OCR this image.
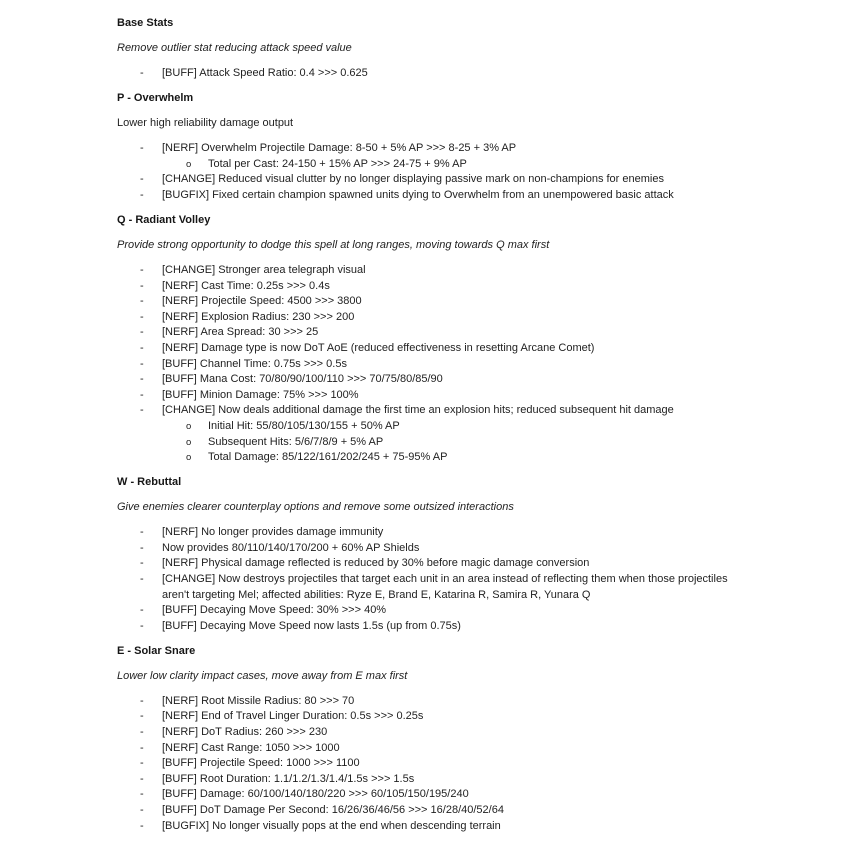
Base Stats

Remove outlier stat reducing attack speed value

- [BUFF] Attack Speed Ratio: 0.4 >>> 0.625
P - Overwhelm

Lower high reliability damage output

- [NERF] Overwhelm Projectile Damage: 8-50 + 5% AP >>> 8-25 + 3% AP
o Total per Cast: 24-150 + 15% AP >>> 24-75 + 9% AP
- [CHANGE] Reduced visual clutter by no longer displaying passive mark on non-champions for enemies
- [BUGFIX] Fixed certain champion spawned units dying to Overwhelm from an unempowered basic attack
Q - Radiant Volley

Provide strong opportunity to dodge this spell at long ranges, moving towards Q max first

- [CHANGE] Stronger area telegraph visual
- [NERF] Cast Time: 0.25s >>> 0.4s
- [NERF] Projectile Speed: 4500 >>> 3800
- [NERF] Explosion Radius: 230 >>> 200
- [NERF] Area Spread: 30 >>> 25
- [NERF] Damage type is now DoT AoE (reduced effectiveness in resetting Arcane Comet)
- [BUFF] Channel Time: 0.75s >>> 0.5s
- [BUFF] Mana Cost: 70/80/90/100/110 >>> 70/75/80/85/90
- [BUFF] Minion Damage: 75% >>> 100%
- [CHANGE] Now deals additional damage the first time an explosion hits; reduced subsequent hit damage
o Initial Hit: 55/80/105/130/155 + 50% AP
o Subsequent Hits: 5/6/7/8/9 + 5% AP
o Total Damage: 85/122/161/202/245 + 75-95% AP
W - Rebuttal

Give enemies clearer counterplay options and remove some outsized interactions

- [NERF] No longer provides damage immunity
- Now provides 80/110/140/170/200 + 60% AP Shields
- [NERF] Physical damage reflected is reduced by 30% before magic damage conversion
- [CHANGE] Now destroys projectiles that target each unit in an area instead of reflecting them when those projectiles aren't targeting Mel; affected abilities: Ryze E, Brand E, Katarina R, Samira R, Yunara Q
- [BUFF] Decaying Move Speed: 30% >>> 40%
- [BUFF] Decaying Move Speed now lasts 1.5s (up from 0.75s)
E - Solar Snare

Lower low clarity impact cases, move away from E max first

- [NERF] Root Missile Radius: 80 >>> 70
- [NERF] End of Travel Linger Duration: 0.5s >>> 0.25s
- [NERF] DoT Radius: 260 >>> 230
- [NERF] Cast Range: 1050 >>> 1000
- [BUFF] Projectile Speed: 1000 >>> 1100
- [BUFF] Root Duration: 1.1/1.2/1.3/1.4/1.5s >>> 1.5s
- [BUFF] Damage: 60/100/140/180/220 >>> 60/105/150/195/240
- [BUFF] DoT Damage Per Second: 16/26/36/46/56 >>> 16/28/40/52/64
- [BUGFIX] No longer visually pops at the end when descending terrain
